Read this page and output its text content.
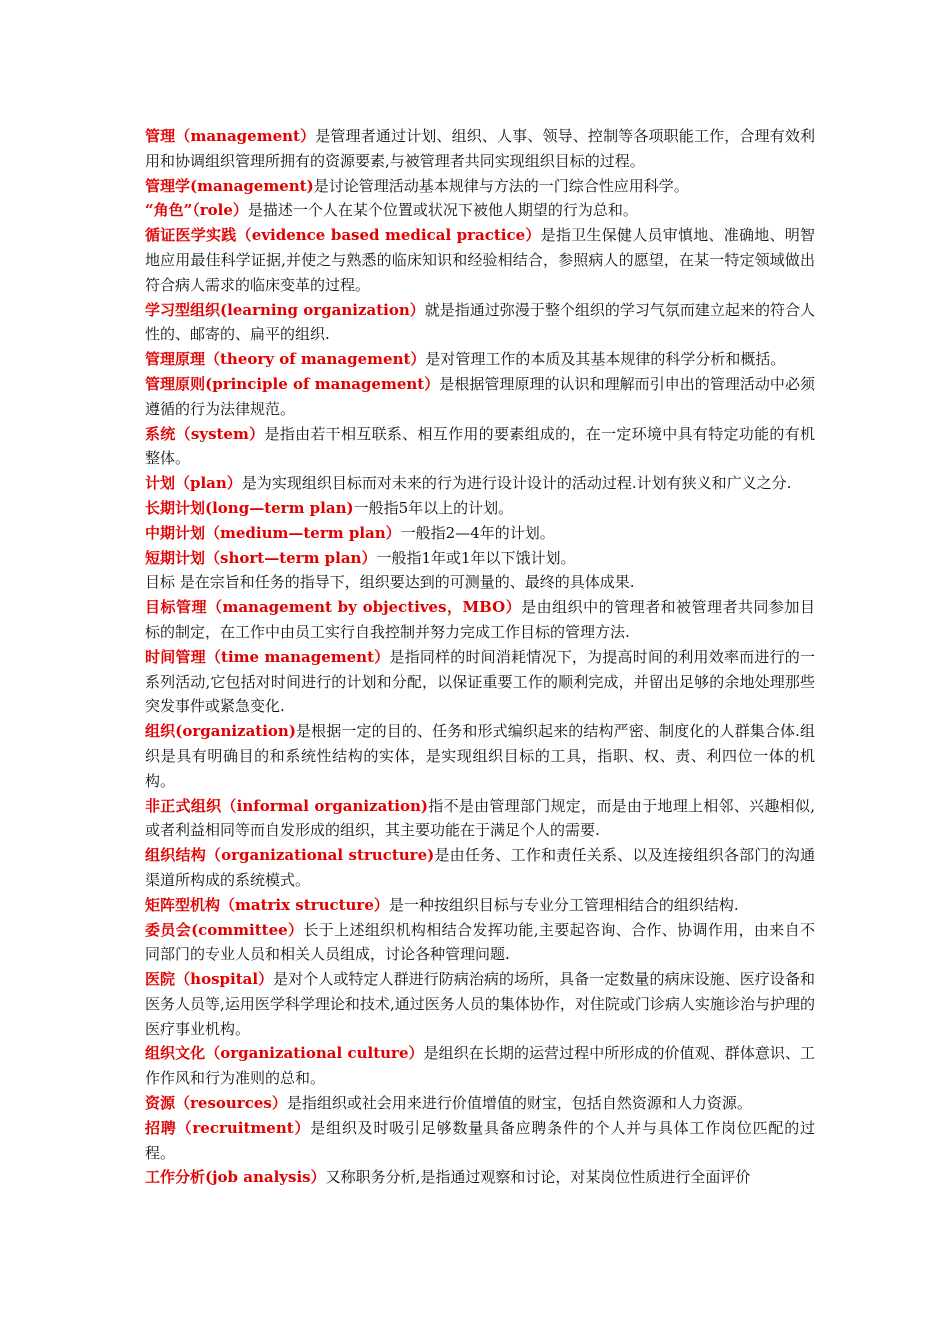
管理（management）是管理者通过计划、组织、人事、领导、控制等各项职能工作，合理有效利用和协调组织管理所拥有的资源要素,与被管理者共同实现组织目标的过程。

管理学(management)是讨论管理活动基本规律与方法的一门综合性应用科学。

“角色”（role）是描述一个人在某个位置或状况下被他人期望的行为总和。

循证医学实践（evidence based medical practice）是指卫生保健人员审慎地、准确地、明智地应用最佳科学证据,并使之与熟悉的临床知识和经验相结合，参照病人的愿望，在某一特定领域做出符合病人需求的临床变革的过程。

学习型组织(learning organization）就是指通过弥漫于整个组织的学习气氛而建立起来的符合人性的、邮寄的、扁平的组织.

管理原理（theory of management）是对管理工作的本质及其基本规律的科学分析和概括。

管理原则(principle of management）是根据管理原理的认识和理解而引申出的管理活动中必须遵循的行为法律规范。

系统（system）是指由若干相互联系、相互作用的要素组成的，在一定环境中具有特定功能的有机整体。

计划（plan）是为实现组织目标而对未来的行为进行设计设计的活动过程.计划有狭义和广义之分.

长期计划(long—term plan)一般指5年以上的计划。

中期计划（medium—term plan）一般指2—4年的计划。

短期计划（short—term plan）一般指1年或1年以下饿计划。

目标 是在宗旨和任务的指导下，组织要达到的可测量的、最终的具体成果.

目标管理（management by objectives，MBO）是由组织中的管理者和被管理者共同参加目标的制定，在工作中由员工实行自我控制并努力完成工作目标的管理方法.

时间管理（time management）是指同样的时间消耗情况下，为提高时间的利用效率而进行的一系列活动,它包括对时间进行的计划和分配，以保证重要工作的顺利完成，并留出足够的余地处理那些突发事件或紧急变化.

组织(organization)是根据一定的目的、任务和形式编织起来的结构严密、制度化的人群集合体.组织是具有明确目的和系统性结构的实体，是实现组织目标的工具，指职、权、责、利四位一体的机构。

非正式组织（informal organization)指不是由管理部门规定，而是由于地理上相邻、兴趣相似,或者利益相同等而自发形成的组织，其主要功能在于满足个人的需要.

组织结构（organizational structure)是由任务、工作和责任关系、以及连接组织各部门的沟通渠道所构成的系统模式。

矩阵型机构（matrix structure）是一种按组织目标与专业分工管理相结合的组织结构.

委员会(committee）长于上述组织机构相结合发挥功能,主要起咨询、合作、协调作用，由来自不同部门的专业人员和相关人员组成，讨论各种管理问题.

医院（hospital）是对个人或特定人群进行防病治病的场所，具备一定数量的病床设施、医疗设备和医务人员等,运用医学科学理论和技术,通过医务人员的集体协作，对住院或门诊病人实施诊治与护理的医疗事业机构。

组织文化（organizational culture）是组织在长期的运营过程中所形成的价值观、群体意识、工作作风和行为准则的总和。

资源（resources）是指组织或社会用来进行价值增值的财宝，包括自然资源和人力资源。

招聘（recruitment）是组织及时吸引足够数量具备应聘条件的个人并与具体工作岗位匹配的过程。

工作分析(job analysis）又称职务分析,是指通过观察和讨论，对某岗位性质进行全面评价
